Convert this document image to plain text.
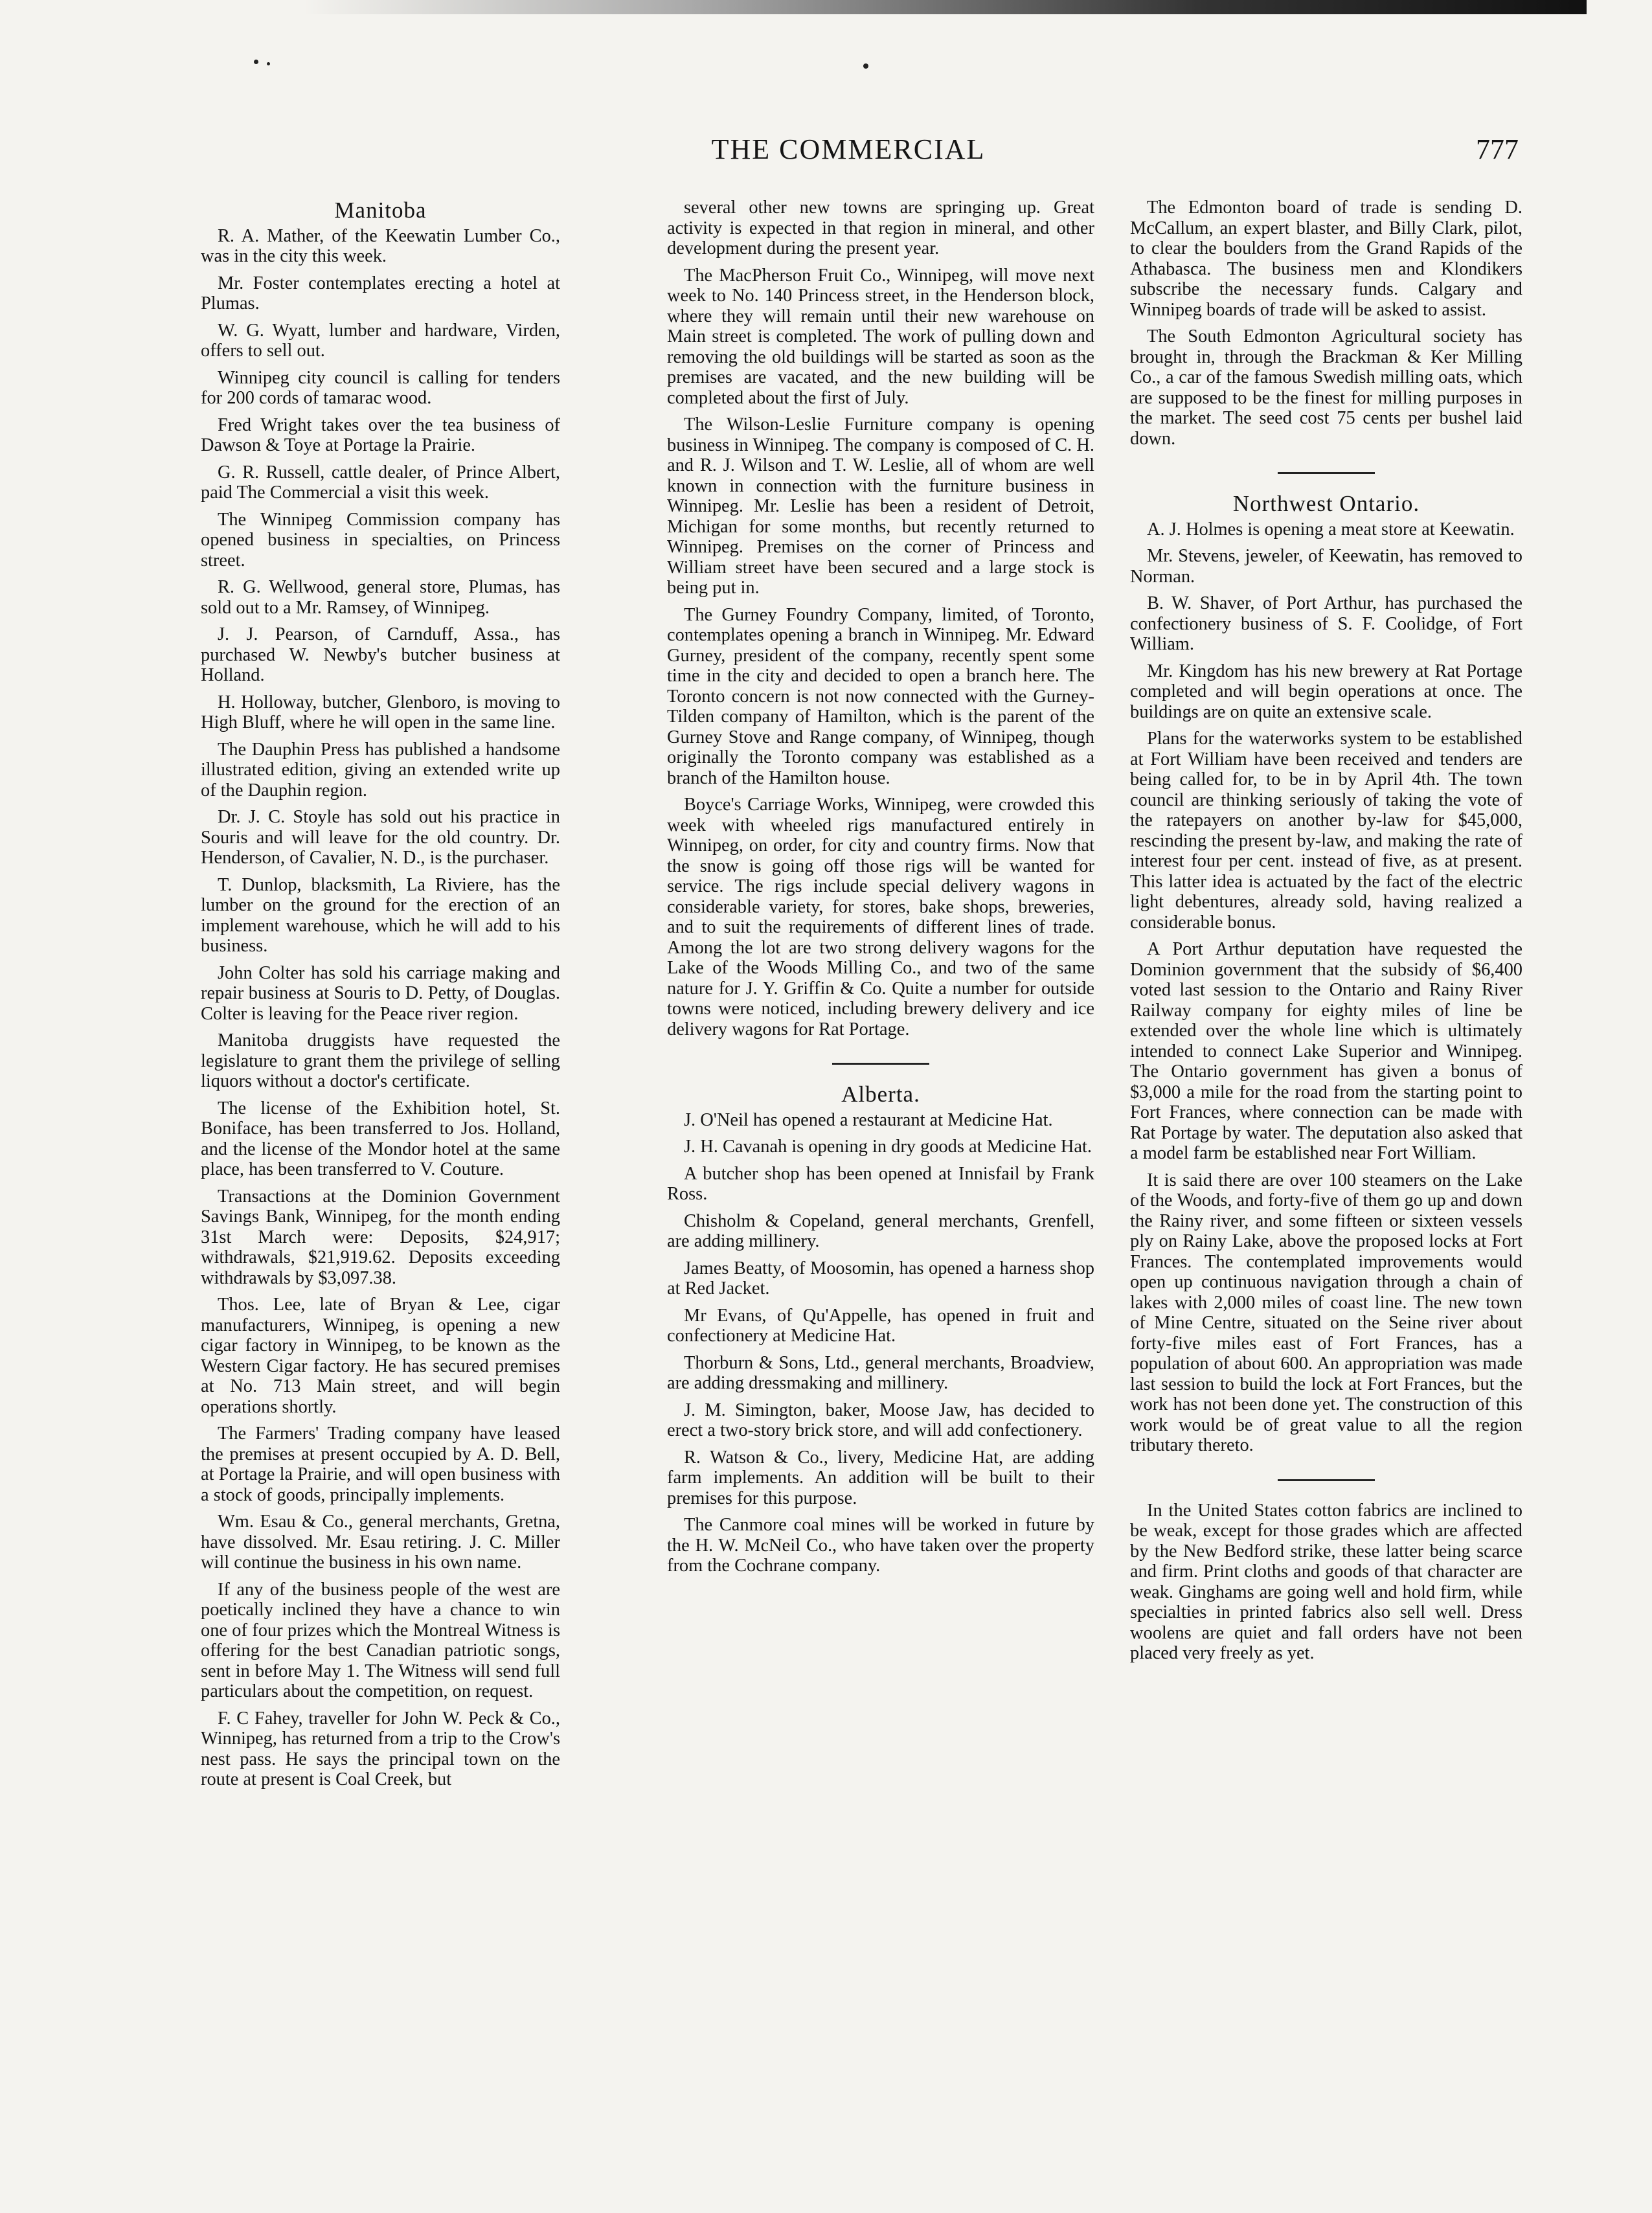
THE COMMERCIAL	777
Manitoba

R. A. Mather, of the Keewatin Lumber Co., was in the city this week.

Mr. Foster contemplates erecting a hotel at Plumas.

W. G. Wyatt, lumber and hardware, Virden, offers to sell out.

Winnipeg city council is calling for tenders for 200 cords of tamarac wood.

Fred Wright takes over the tea business of Dawson & Toye at Portage la Prairie.

G. R. Russell, cattle dealer, of Prince Albert, paid The Commercial a visit this week.

The Winnipeg Commission company has opened business in specialties, on Princess street.

R. G. Wellwood, general store, Plumas, has sold out to a Mr. Ramsey, of Winnipeg.

J. J. Pearson, of Carnduff, Assa., has purchased W. Newby's butcher business at Holland.

H. Holloway, butcher, Glenboro, is moving to High Bluff, where he will open in the same line.

The Dauphin Press has published a handsome illustrated edition, giving an extended write up of the Dauphin region.

Dr. J. C. Stoyle has sold out his practice in Souris and will leave for the old country. Dr. Henderson, of Cavalier, N. D., is the purchaser.

T. Dunlop, blacksmith, La Riviere, has the lumber on the ground for the erection of an implement warehouse, which he will add to his business.

John Colter has sold his carriage making and repair business at Souris to D. Petty, of Douglas. Colter is leaving for the Peace river region.

Manitoba druggists have requested the legislature to grant them the privilege of selling liquors without a doctor's certificate.

The license of the Exhibition hotel, St. Boniface, has been transferred to Jos. Holland, and the license of the Mondor hotel at the same place, has been transferred to V. Couture.

Transactions at the Dominion Government Savings Bank, Winnipeg, for the month ending 31st March were: Deposits, $24,917; withdrawals, $21,919.62. Deposits exceeding withdrawals by $3,097.38.

Thos. Lee, late of Bryan & Lee, cigar manufacturers, Winnipeg, is opening a new cigar factory in Winnipeg, to be known as the Western Cigar factory. He has secured premises at No. 713 Main street, and will begin operations shortly.

The Farmers' Trading company have leased the premises at present occupied by A. D. Bell, at Portage la Prairie, and will open business with a stock of goods, principally implements.

Wm. Esau & Co., general merchants, Gretna, have dissolved. Mr. Esau retiring. J. C. Miller will continue the business in his own name.

If any of the business people of the west are poetically inclined they have a chance to win one of four prizes which the Montreal Witness is offering for the best Canadian patriotic songs, sent in before May 1. The Witness will send full particulars about the competition, on request.

F. C Fahey, traveller for John W. Peck & Co., Winnipeg, has returned from a trip to the Crow's nest pass. He says the principal town on the route at present is Coal Creek, but

several other new towns are springing up. Great activity is expected in that region in mineral, and other development during the present year.

The MacPherson Fruit Co., Winnipeg, will move next week to No. 140 Princess street, in the Henderson block, where they will remain until their new warehouse on Main street is completed. The work of pulling down and removing the old buildings will be started as soon as the premises are vacated, and the new building will be completed about the first of July.

The Wilson-Leslie Furniture company is opening business in Winnipeg. The company is composed of C. H. and R. J. Wilson and T. W. Leslie, all of whom are well known in connection with the furniture business in Winnipeg. Mr. Leslie has been a resident of Detroit, Michigan for some months, but recently returned to Winnipeg. Premises on the corner of Princess and William street have been secured and a large stock is being put in.

The Gurney Foundry Company, limited, of Toronto, contemplates opening a branch in Winnipeg. Mr. Edward Gurney, president of the company, recently spent some time in the city and decided to open a branch here. The Toronto concern is not now connected with the Gurney-Tilden company of Hamilton, which is the parent of the Gurney Stove and Range company, of Winnipeg, though originally the Toronto company was established as a branch of the Hamilton house.

Boyce's Carriage Works, Winnipeg, were crowded this week with wheeled rigs manufactured entirely in Winnipeg, on order, for city and country firms. Now that the snow is going off those rigs will be wanted for service. The rigs include special delivery wagons in considerable variety, for stores, bake shops, breweries, and to suit the requirements of different lines of trade. Among the lot are two strong delivery wagons for the Lake of the Woods Milling Co., and two of the same nature for J. Y. Griffin & Co. Quite a number for outside towns were noticed, including brewery delivery and ice delivery wagons for Rat Portage.

Alberta.

J. O'Neil has opened a restaurant at Medicine Hat.

J. H. Cavanah is opening in dry goods at Medicine Hat.

A butcher shop has been opened at Innisfail by Frank Ross.

Chisholm & Copeland, general merchants, Grenfell, are adding millinery.

James Beatty, of Moosomin, has opened a harness shop at Red Jacket.

Mr Evans, of Qu'Appelle, has opened in fruit and confectionery at Medicine Hat.

Thorburn & Sons, Ltd., general merchants, Broadview, are adding dressmaking and millinery.

J. M. Simington, baker, Moose Jaw, has decided to erect a two-story brick store, and will add confectionery.

R. Watson & Co., livery, Medicine Hat, are adding farm implements. An addition will be built to their premises for this purpose.

The Canmore coal mines will be worked in future by the H. W. McNeil Co., who have taken over the property from the Cochrane company.

The Edmonton board of trade is sending D. McCallum, an expert blaster, and Billy Clark, pilot, to clear the boulders from the Grand Rapids of the Athabasca. The business men and Klondikers subscribe the necessary funds. Calgary and Winnipeg boards of trade will be asked to assist.

The South Edmonton Agricultural society has brought in, through the Brackman & Ker Milling Co., a car of the famous Swedish milling oats, which are supposed to be the finest for milling purposes in the market. The seed cost 75 cents per bushel laid down.

Northwest Ontario.

A. J. Holmes is opening a meat store at Keewatin.

Mr. Stevens, jeweler, of Keewatin, has removed to Norman.

B. W. Shaver, of Port Arthur, has purchased the confectionery business of S. F. Coolidge, of Fort William.

Mr. Kingdom has his new brewery at Rat Portage completed and will begin operations at once. The buildings are on quite an extensive scale.

Plans for the waterworks system to be established at Fort William have been received and tenders are being called for, to be in by April 4th. The town council are thinking seriously of taking the vote of the ratepayers on another by-law for $45,000, rescinding the present by-law, and making the rate of interest four per cent. instead of five, as at present. This latter idea is actuated by the fact of the electric light debentures, already sold, having realized a considerable bonus.

A Port Arthur deputation have requested the Dominion government that the subsidy of $6,400 voted last session to the Ontario and Rainy River Railway company for eighty miles of line be extended over the whole line which is ultimately intended to connect Lake Superior and Winnipeg. The Ontario government has given a bonus of $3,000 a mile for the road from the starting point to Fort Frances, where connection can be made with Rat Portage by water. The deputation also asked that a model farm be established near Fort William.

It is said there are over 100 steamers on the Lake of the Woods, and forty-five of them go up and down the Rainy river, and some fifteen or sixteen vessels ply on Rainy Lake, above the proposed locks at Fort Frances. The contemplated improvements would open up continuous navigation through a chain of lakes with 2,000 miles of coast line. The new town of Mine Centre, situated on the Seine river about forty-five miles east of Fort Frances, has a population of about 600. An appropriation was made last session to build the lock at Fort Frances, but the work has not been done yet. The construction of this work would be of great value to all the region tributary thereto.

In the United States cotton fabrics are inclined to be weak, except for those grades which are affected by the New Bedford strike, these latter being scarce and firm. Print cloths and goods of that character are weak. Ginghams are going well and hold firm, while specialties in printed fabrics also sell well. Dress woolens are quiet and fall orders have not been placed very freely as yet.
